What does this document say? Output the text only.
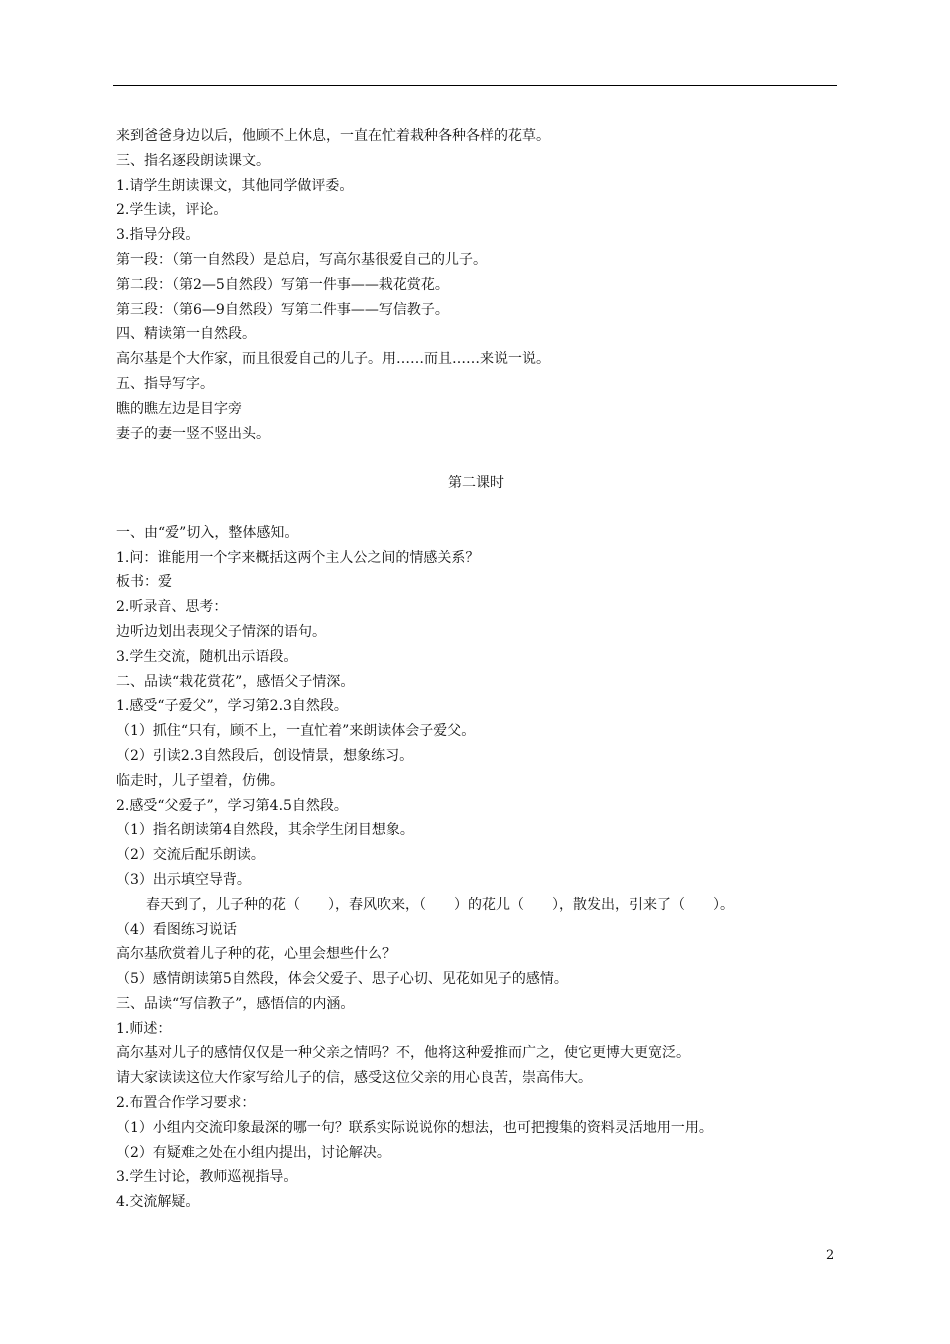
来到爸爸身边以后，他顾不上休息，一直在忙着栽种各种各样的花草。
三、指名逐段朗读课文。
1.请学生朗读课文，其他同学做评委。
2.学生读，评论。
3.指导分段。
第一段：（第一自然段）是总启，写高尔基很爱自己的儿子。
第二段：（第2—5自然段）写第一件事——栽花赏花。
第三段：（第6—9自然段）写第二件事——写信教子。
四、精读第一自然段。
高尔基是个大作家，而且很爱自己的儿子。用……而且……来说一说。
五、指导写字。
瞧的瞧左边是目字旁
妻子的妻一竖不竖出头。
第二课时
一、由“爱”切入，整体感知。
1.问：谁能用一个字来概括这两个主人公之间的情感关系？
板书：爱
2.听录音、思考：
边听边划出表现父子情深的语句。
3.学生交流，随机出示语段。
二、品读“栽花赏花”，感悟父子情深。
1.感受“子爱父”，学习第2.3自然段。
（1）抓住“只有，顾不上，一直忙着”来朗读体会子爱父。
（2）引读2.3自然段后，创设情景，想象练习。
临走时，儿子望着，仿佛。
2.感受“父爱子”，学习第4.5自然段。
（1）指名朗读第4自然段，其余学生闭目想象。
（2）交流后配乐朗读。
（3）出示填空导背。
春天到了，儿子种的花（　　），春风吹来，（　　）的花儿（　　），散发出，引来了（　　）。
（4）看图练习说话
高尔基欣赏着儿子种的花，心里会想些什么？
（5）感情朗读第5自然段，体会父爱子、思子心切、见花如见子的感情。
三、品读“写信教子”，感悟信的内涵。
1.师述：
高尔基对儿子的感情仅仅是一种父亲之情吗？不，他将这种爱推而广之，使它更博大更宽泛。
请大家读读这位大作家写给儿子的信，感受这位父亲的用心良苦，崇高伟大。
2.布置合作学习要求：
（1）小组内交流印象最深的哪一句？联系实际说说你的想法，也可把搜集的资料灵活地用一用。
（2）有疑难之处在小组内提出，讨论解决。
3.学生讨论，教师巡视指导。
4.交流解疑。
2
